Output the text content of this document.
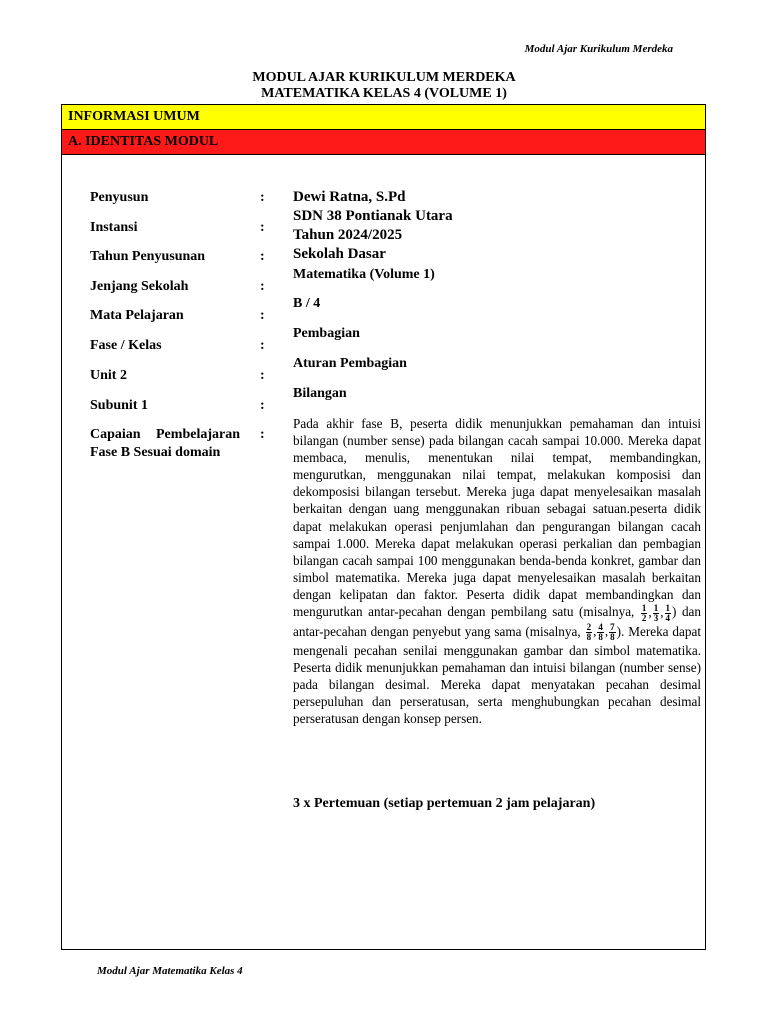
Modul Ajar Kurikulum Merdeka
MODUL AJAR KURIKULUM MERDEKA
MATEMATIKA KELAS 4 (VOLUME 1)
INFORMASI UMUM
A. IDENTITAS MODUL
Penyusun
Instansi
Tahun Penyusunan
Jenjang Sekolah
Mata Pelajaran
Fase / Kelas
Unit 2
Subunit 1
Capaian Pembelajaran Fase B Sesuai domain
:
:
:
:
:
:
:
:
:
Dewi Ratna, S.Pd
SDN 38 Pontianak Utara
Tahun 2024/2025
Sekolah Dasar
Matematika (Volume 1)
B / 4
Pembagian
Aturan Pembagian
Bilangan
Pada akhir fase B, peserta didik menunjukkan pemahaman dan intuisi bilangan (number sense) pada bilangan cacah sampai 10.000. Mereka dapat membaca, menulis, menentukan nilai tempat, membandingkan, mengurutkan, menggunakan nilai tempat, melakukan komposisi dan dekomposisi bilangan tersebut. Mereka juga dapat menyelesaikan masalah berkaitan dengan uang menggunakan ribuan sebagai satuan.peserta didik dapat melakukan operasi penjumlahan dan pengurangan bilangan cacah sampai 1.000. Mereka dapat melakukan operasi perkalian dan pembagian bilangan cacah sampai 100 menggunakan benda-benda konkret, gambar dan simbol matematika. Mereka juga dapat menyelesaikan masalah berkaitan dengan kelipatan dan faktor. Peserta didik dapat membandingkan dan mengurutkan antar-pecahan dengan pembilang satu (misalnya, $\frac{1}{2}$ , $\frac{1}{3}$ , $\frac{1}{4}$ ) dan antar-pecahan dengan penyebut yang sama (misalnya, $\frac{2}{8}$ , $\frac{4}{8}$ , $\frac{7}{8}$ ). Mereka dapat mengenali pecahan senilai menggunakan gambar dan simbol matematika. Peserta didik menunjukkan pemahaman dan intuisi bilangan (number sense) pada bilangan desimal. Mereka dapat menyatakan pecahan desimal persepuluhan dan perseratusan, serta menghubungkan pecahan desimal perseratusan dengan konsep persen.
3 x Pertemuan (setiap pertemuan 2 jam pelajaran)
Modul Ajar Matematika Kelas 4
